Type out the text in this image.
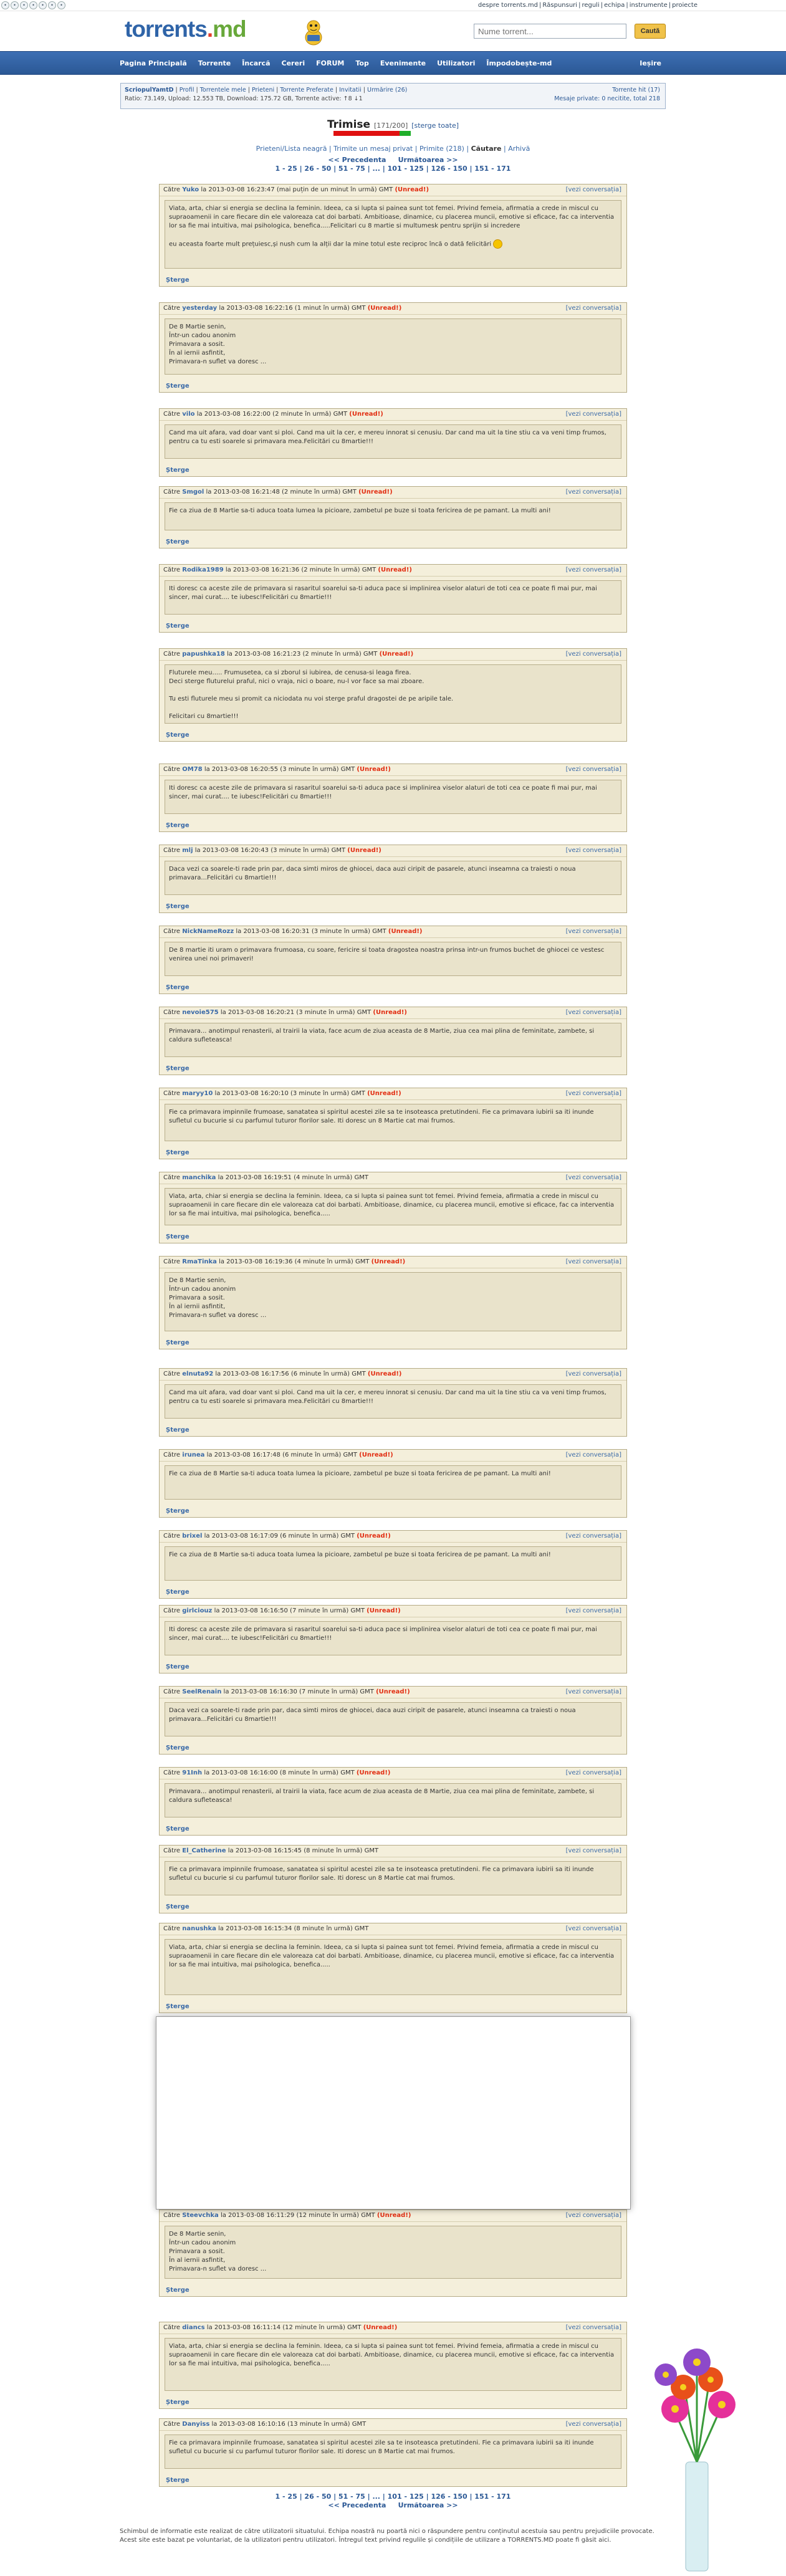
•	•	•	•	•	•	•	despre torrents.md | Răspunsuri | reguli | echipa | instrumente | proiecte
torrents.md
Nume torrent...	Caută
Pagina Principală Torrente Încarcă Cereri FORUM Top Evenimente Utilizatori Împodobește-md	Ieșire
ScriopulYamtD | Profil | Torrentele mele | Prieteni | Torrente Preferate | Invitatii | Urmărire (26)
Ratio: 73.149, Upload: 12.553 TB, Download: 175.72 GB, Torrente active: ↑8 ↓1
Torrente hit (17)
Mesaje private: 0 necitite, total 218
Trimise [171/200] [sterge toate]
Prieteni/Lista neagră | Trimite un mesaj privat | Primite (218) | Căutare | Arhivă
<< Precedenta Următoarea >>
1 - 25 | 26 - 50 | 51 - 75 | ... | 101 - 125 | 126 - 150 | 151 - 171
Către Yuko la 2013-03-08 16:23:47 (mai puțin de un minut în urmă) GMT (Unread!)	[vezi conversația]
Viata, arta, chiar si energia se declina la feminin. Ideea, ca si lupta si painea sunt tot femei. Privind femeia, afirmatia a crede in miscul cu supraoamenii in care fiecare din ele valoreaza cat doi barbati. Ambitioase, dinamice, cu placerea muncii, emotive si eficace, fac ca interventia lor sa fie mai intuitiva, mai psihologica, benefica.....Felicitari cu 8 martie si multumesk pentru sprijin si incredere

eu aceasta foarte mult prețuiesc,și nush cum la alții dar la mine totul este reciproc încă o dată felicitări
Șterge
Către yesterday la 2013-03-08 16:22:16 (1 minut în urmă) GMT (Unread!)	[vezi conversația]
De 8 Martie senin,
Într-un cadou anonim
Primavara a sosit.
În al iernii asfintit,
Primavara-n suflet va doresc ...
Șterge
Către vilo la 2013-03-08 16:22:00 (2 minute în urmă) GMT (Unread!)	[vezi conversația]
Cand ma uit afara, vad doar vant si ploi. Cand ma uit la cer, e mereu innorat si cenusiu. Dar cand ma uit la tine stiu ca va veni timp frumos, pentru ca tu esti soarele si primavara mea.Felicitări cu 8martie!!!
Șterge
Către Smgol la 2013-03-08 16:21:48 (2 minute în urmă) GMT (Unread!)	[vezi conversația]
Fie ca ziua de 8 Martie sa-ti aduca toata lumea la picioare, zambetul pe buze si toata fericirea de pe pamant. La multi ani!
Șterge
Către Rodika1989 la 2013-03-08 16:21:36 (2 minute în urmă) GMT (Unread!)	[vezi conversația]
Iti doresc ca aceste zile de primavara si rasaritul soarelui sa-ti aduca pace si implinirea viselor alaturi de toti cea ce poate fi mai pur, mai sincer, mai curat.... te iubesc!Felicitări cu 8martie!!!
Șterge
Către papushka18 la 2013-03-08 16:21:23 (2 minute în urmă) GMT (Unread!)	[vezi conversația]
Fluturele meu..... Frumusetea, ca si zborul si iubirea, de cenusa-si leaga firea.
Deci sterge fluturelui praful, nici o vraja, nici o boare, nu-l vor face sa mai zboare.

Tu esti fluturele meu si promit ca niciodata nu voi sterge praful dragostei de pe aripile tale.

Felicitari cu 8martie!!!
Șterge
Către OM78 la 2013-03-08 16:20:55 (3 minute în urmă) GMT (Unread!)	[vezi conversația]
Iti doresc ca aceste zile de primavara si rasaritul soarelui sa-ti aduca pace si implinirea viselor alaturi de toti cea ce poate fi mai pur, mai sincer, mai curat.... te iubesc!Felicitări cu 8martie!!!
Șterge
Către mlj la 2013-03-08 16:20:43 (3 minute în urmă) GMT (Unread!)	[vezi conversația]
Daca vezi ca soarele-ti rade prin par, daca simti miros de ghiocei, daca auzi ciripit de pasarele, atunci inseamna ca traiesti o noua primavara...Felicitări cu 8martie!!!
Șterge
Către NickNameRozz la 2013-03-08 16:20:31 (3 minute în urmă) GMT (Unread!)	[vezi conversația]
De 8 martie iti uram o primavara frumoasa, cu soare, fericire si toata dragostea noastra prinsa intr-un frumos buchet de ghiocei ce vestesc venirea unei noi primaveri!
Șterge
Către nevoie575 la 2013-03-08 16:20:21 (3 minute în urmă) GMT (Unread!)	[vezi conversația]
Primavara... anotimpul renasterii, al trairii la viata, face acum de ziua aceasta de 8 Martie, ziua cea mai plina de feminitate, zambete, si caldura sufleteasca!
Șterge
Către maryy10 la 2013-03-08 16:20:10 (3 minute în urmă) GMT (Unread!)	[vezi conversația]
Fie ca primavara impinnile frumoase, sanatatea si spiritul acestei zile sa te insoteasca pretutindeni. Fie ca primavara iubirii sa iti inunde sufletul cu bucurie si cu parfumul tuturor florilor sale. Iti doresc un 8 Martie cat mai frumos.
Șterge
Către manchika la 2013-03-08 16:19:51 (4 minute în urmă) GMT	[vezi conversația]
Viata, arta, chiar si energia se declina la feminin. Ideea, ca si lupta si painea sunt tot femei. Privind femeia, afirmatia a crede in miscul cu supraoamenii in care fiecare din ele valoreaza cat doi barbati. Ambitioase, dinamice, cu placerea muncii, emotive si eficace, fac ca interventia lor sa fie mai intuitiva, mai psihologica, benefica.....
Șterge
Către RmaTinka la 2013-03-08 16:19:36 (4 minute în urmă) GMT (Unread!)	[vezi conversația]
De 8 Martie senin,
Într-un cadou anonim
Primavara a sosit.
În al iernii asfintit,
Primavara-n suflet va doresc ...
Șterge
Către elnuta92 la 2013-03-08 16:17:56 (6 minute în urmă) GMT (Unread!)	[vezi conversația]
Cand ma uit afara, vad doar vant si ploi. Cand ma uit la cer, e mereu innorat si cenusiu. Dar cand ma uit la tine stiu ca va veni timp frumos, pentru ca tu esti soarele si primavara mea.Felicitări cu 8martie!!!
Șterge
Către irunea la 2013-03-08 16:17:48 (6 minute în urmă) GMT (Unread!)	[vezi conversația]
Fie ca ziua de 8 Martie sa-ti aduca toata lumea la picioare, zambetul pe buze si toata fericirea de pe pamant. La multi ani!
Șterge
Către brixel la 2013-03-08 16:17:09 (6 minute în urmă) GMT (Unread!)	[vezi conversația]
Fie ca ziua de 8 Martie sa-ti aduca toata lumea la picioare, zambetul pe buze si toata fericirea de pe pamant. La multi ani!
Șterge
Către girlciouz la 2013-03-08 16:16:50 (7 minute în urmă) GMT (Unread!)	[vezi conversația]
Iti doresc ca aceste zile de primavara si rasaritul soarelui sa-ti aduca pace si implinirea viselor alaturi de toti cea ce poate fi mai pur, mai sincer, mai curat.... te iubesc!Felicitări cu 8martie!!!
Șterge
Către SeelRenain la 2013-03-08 16:16:30 (7 minute în urmă) GMT (Unread!)	[vezi conversația]
Daca vezi ca soarele-ti rade prin par, daca simti miros de ghiocei, daca auzi ciripit de pasarele, atunci inseamna ca traiesti o noua primavara...Felicitări cu 8martie!!!
Șterge
Către 91Inh la 2013-03-08 16:16:00 (8 minute în urmă) GMT (Unread!)	[vezi conversația]
Primavara... anotimpul renasterii, al trairii la viata, face acum de ziua aceasta de 8 Martie, ziua cea mai plina de feminitate, zambete, si caldura sufleteasca!
Șterge
Către El_Catherine la 2013-03-08 16:15:45 (8 minute în urmă) GMT	[vezi conversația]
Fie ca primavara impinnile frumoase, sanatatea si spiritul acestei zile sa te insoteasca pretutindeni. Fie ca primavara iubirii sa iti inunde sufletul cu bucurie si cu parfumul tuturor florilor sale. Iti doresc un 8 Martie cat mai frumos.
Șterge
Către nanushka la 2013-03-08 16:15:34 (8 minute în urmă) GMT	[vezi conversația]
Viata, arta, chiar si energia se declina la feminin. Ideea, ca si lupta si painea sunt tot femei. Privind femeia, afirmatia a crede in miscul cu supraoamenii in care fiecare din ele valoreaza cat doi barbati. Ambitioase, dinamice, cu placerea muncii, emotive si eficace, fac ca interventia lor sa fie mai intuitiva, mai psihologica, benefica.....
Șterge
Către Steevchka la 2013-03-08 16:11:29 (12 minute în urmă) GMT (Unread!)	[vezi conversația]
De 8 Martie senin,
Într-un cadou anonim
Primavara a sosit.
În al iernii asfintit,
Primavara-n suflet va doresc ...
Șterge
Către diancs la 2013-03-08 16:11:14 (12 minute în urmă) GMT (Unread!)	[vezi conversația]
Viata, arta, chiar si energia se declina la feminin. Ideea, ca si lupta si painea sunt tot femei. Privind femeia, afirmatia a crede in miscul cu supraoamenii in care fiecare din ele valoreaza cat doi barbati. Ambitioase, dinamice, cu placerea muncii, emotive si eficace, fac ca interventia lor sa fie mai intuitiva, mai psihologica, benefica.....
Șterge
Către Danyiss la 2013-03-08 16:10:16 (13 minute în urmă) GMT	[vezi conversația]
Fie ca primavara impinnile frumoase, sanatatea si spiritul acestei zile sa te insoteasca pretutindeni. Fie ca primavara iubirii sa iti inunde sufletul cu bucurie si cu parfumul tuturor florilor sale. Iti doresc un 8 Martie cat mai frumos.
Șterge
1 - 25 | 26 - 50 | 51 - 75 | ... | 101 - 125 | 126 - 150 | 151 - 171
<< Precedenta Următoarea >>
Schimbul de informatie este realizat de către utilizatorii situatului. Echipa noastră nu poartă nici o răspundere pentru conținutul acestuia sau pentru prejudiciile provocate. Acest site este bazat pe voluntariat, de la utilizatori pentru utilizatori. Întregul text privind regulile și condițiile de utilizare a TORRENTS.MD poate fi găsit aici.
